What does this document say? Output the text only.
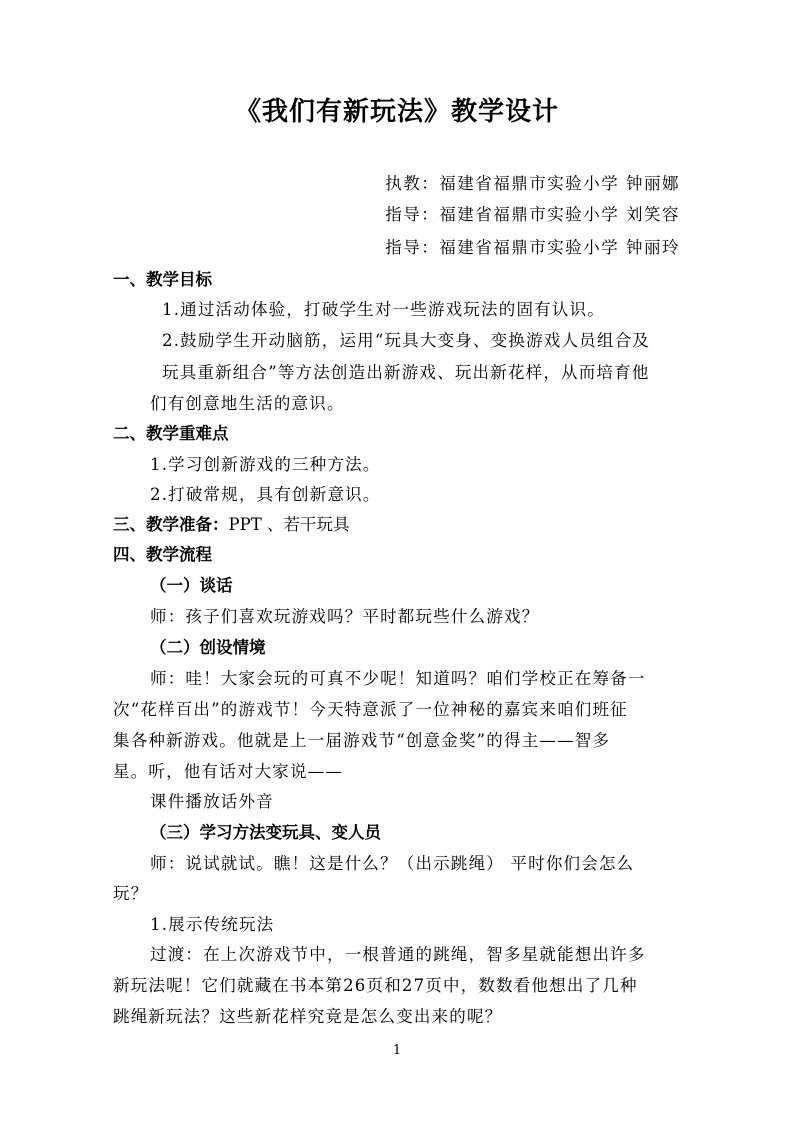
《我们有新玩法》教学设计
执教：福建省福鼎市实验小学 钟丽娜
指导：福建省福鼎市实验小学 刘笑容
指导：福建省福鼎市实验小学 钟丽玲
一、教学目标
1.通过活动体验，打破学生对一些游戏玩法的固有认识。
2.鼓励学生开动脑筋，运用“玩具大变身、变换游戏人员组合及
玩具重新组合”等方法创造出新游戏、玩出新花样，从而培育他
们有创意地生活的意识。
二、教学重难点
1.学习创新游戏的三种方法。
2.打破常规，具有创新意识。
三、教学准备：PPT 、若干玩具
四、教学流程
（一）谈话
师：孩子们喜欢玩游戏吗？平时都玩些什么游戏？
（二）创设情境
师：哇！大家会玩的可真不少呢！知道吗？咱们学校正在筹备一
次“花样百出”的游戏节！今天特意派了一位神秘的嘉宾来咱们班征
集各种新游戏。他就是上一届游戏节“创意金奖”的得主——智多
星。听，他有话对大家说——
课件播放话外音
（三）学习方法变玩具、变人员
师：说试就试。瞧！这是什么？（出示跳绳） 平时你们会怎么
玩？
1.展示传统玩法
过渡：在上次游戏节中，一根普通的跳绳，智多星就能想出许多
新玩法呢！它们就藏在书本第26页和27页中，数数看他想出了几种
跳绳新玩法？这些新花样究竟是怎么变出来的呢？
1
